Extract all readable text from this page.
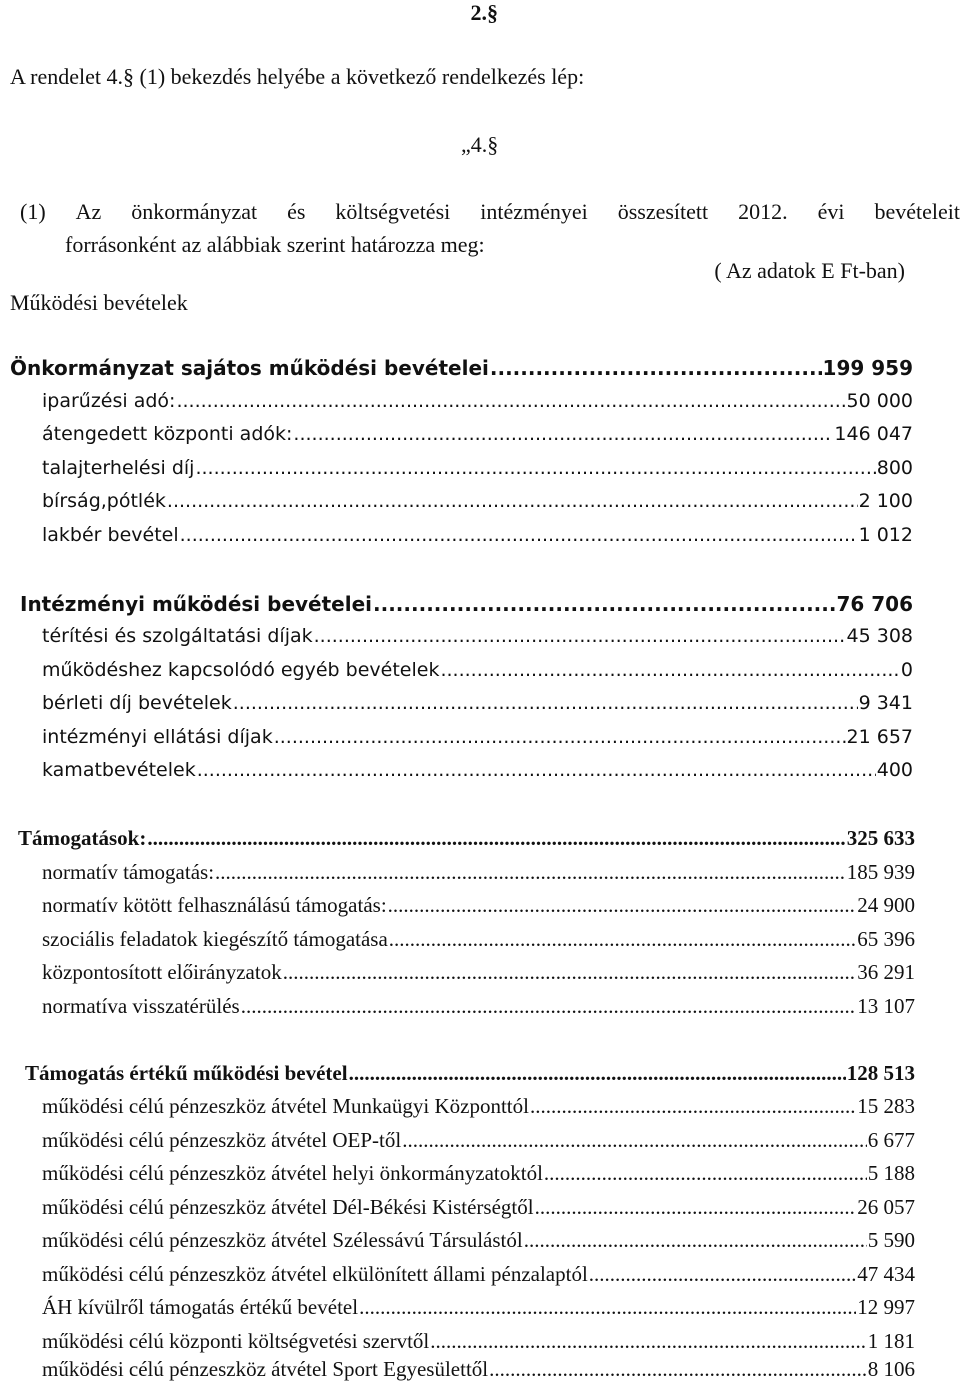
2.§
A rendelet 4.§ (1) bekezdés helyébe a következő rendelkezés lép:
„4.§
(1) Az önkormányzat és költségvetési intézményei összesített 2012. évi bevételeit
forrásonként az alábbiak szerint határozza meg:
( Az adatok E Ft-ban)
Működési bevételek
Önkormányzat sajátos működési bevételei .....	199 959
iparűzési adó: .....	50 000
átengedett központi adók: .....	146 047
talajterhelési díj .....	800
bírság,pótlék .....	2 100
lakbér bevétel .....	1 012
Intézményi működési bevételei .....	76 706
térítési és szolgáltatási díjak .....	45 308
működéshez kapcsolódó egyéb bevételek .....	0
bérleti díj bevételek .....	9 341
intézményi ellátási díjak .....	21 657
kamatbevételek .....	400
Támogatások: .....	325 633
normatív támogatás: .....	185 939
normatív kötött felhasználású támogatás: .....	24 900
szociális feladatok kiegészítő támogatása .....	65 396
központosított előirányzatok .....	36 291
normatíva visszatérülés .....	13 107
Támogatás értékű működési bevétel .....	128 513
működési célú pénzeszköz átvétel Munkaügyi Központtól .....	15 283
működési célú pénzeszköz átvétel OEP-től .....	6 677
működési célú pénzeszköz átvétel helyi önkormányzatoktól .....	5 188
működési célú pénzeszköz átvétel Dél-Békési Kistérségtől .....	26 057
működési célú pénzeszköz átvétel Szélessávú Társulástól .....	5 590
működési célú pénzeszköz átvétel elkülönített állami pénzalaptól .....	47 434
ÁH kívülről támogatás értékű bevétel .....	12 997
működési célú központi költségvetési szervtől .....	1 181
működési célú pénzeszköz átvétel Sport Egyesülettől .....	8 106
